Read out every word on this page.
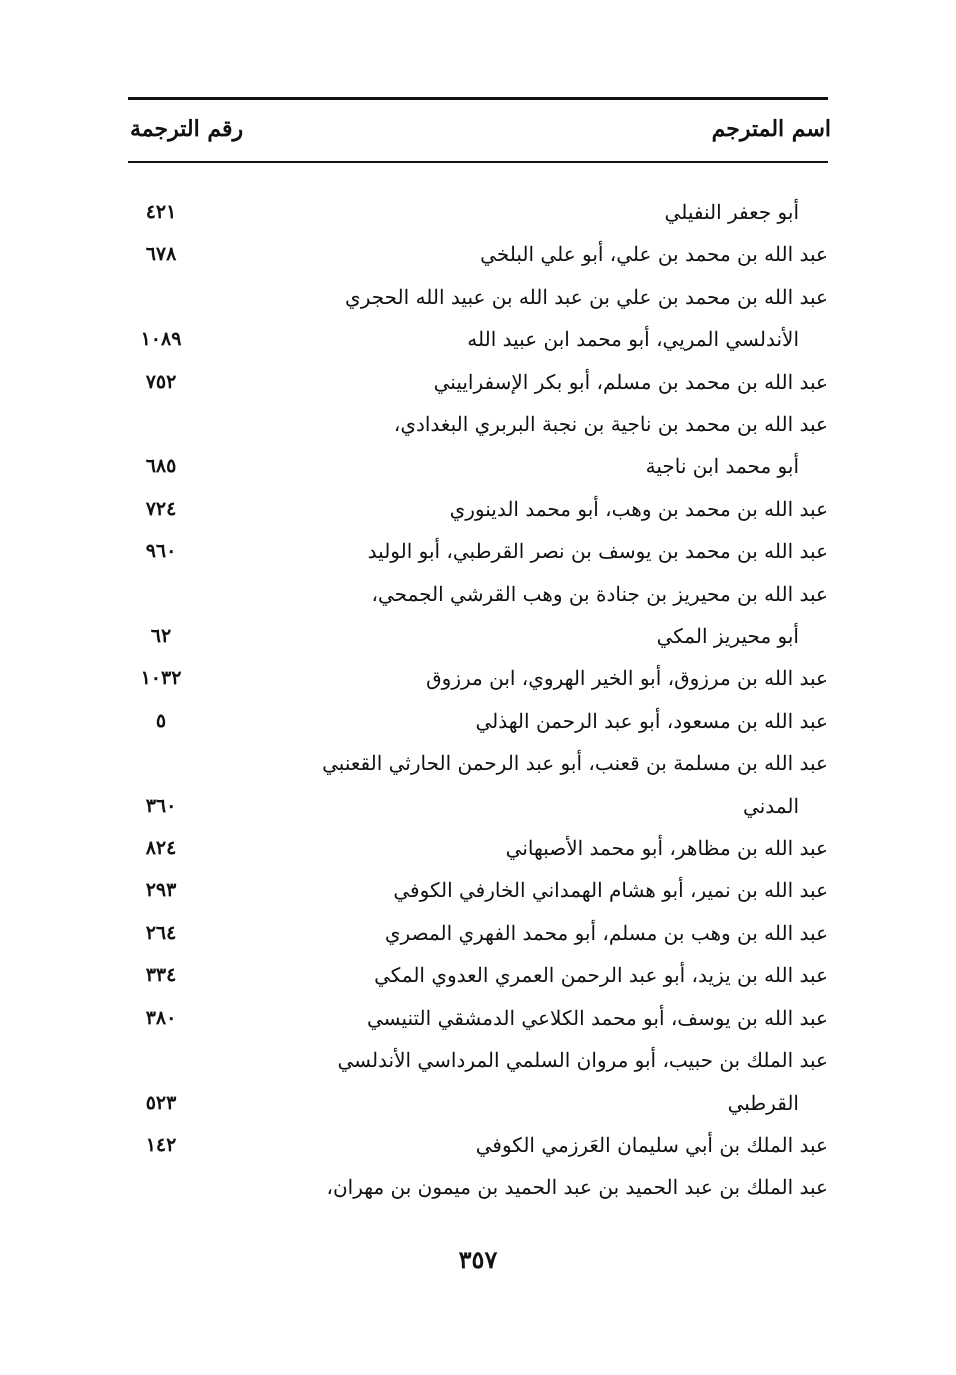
اسم المترجم
رقم الترجمة
أبو جعفر النفيلي
٤٢١
عبد الله بن محمد بن علي، أبو علي البلخي
٦٧٨
عبد الله بن محمد بن علي بن عبد الله بن عبيد الله الحجري
الأندلسي المريي، أبو محمد ابن عبيد الله
١٠٨٩
عبد الله بن محمد بن مسلم، أبو بكر الإسفراييني
٧٥٢
عبد الله بن محمد بن ناجية بن نجبة البربري البغدادي،
أبو محمد ابن ناجية
٦٨٥
عبد الله بن محمد بن وهب، أبو محمد الدينوري
٧٢٤
عبد الله بن محمد بن يوسف بن نصر القرطبي، أبو الوليد
٩٦٠
عبد الله بن محيريز بن جنادة بن وهب القرشي الجمحي،
أبو محيريز المكي
٦٢
عبد الله بن مرزوق، أبو الخير الهروي، ابن مرزوق
١٠٣٢
عبد الله بن مسعود، أبو عبد الرحمن الهذلي
٥
عبد الله بن مسلمة بن قعنب، أبو عبد الرحمن الحارثي القعنبي
المدني
٣٦٠
عبد الله بن مظاهر، أبو محمد الأصبهاني
٨٢٤
عبد الله بن نمير، أبو هشام الهمداني الخارفي الكوفي
٢٩٣
عبد الله بن وهب بن مسلم، أبو محمد الفهري المصري
٢٦٤
عبد الله بن يزيد، أبو عبد الرحمن العمري العدوي المكي
٣٣٤
عبد الله بن يوسف، أبو محمد الكلاعي الدمشقي التنيسي
٣٨٠
عبد الملك بن حبيب، أبو مروان السلمي المرداسي الأندلسي
القرطبي
٥٢٣
عبد الملك بن أبي سليمان العَرزمي الكوفي
١٤٢
عبد الملك بن عبد الحميد بن عبد الحميد بن ميمون بن مهران،
٣٥٧
